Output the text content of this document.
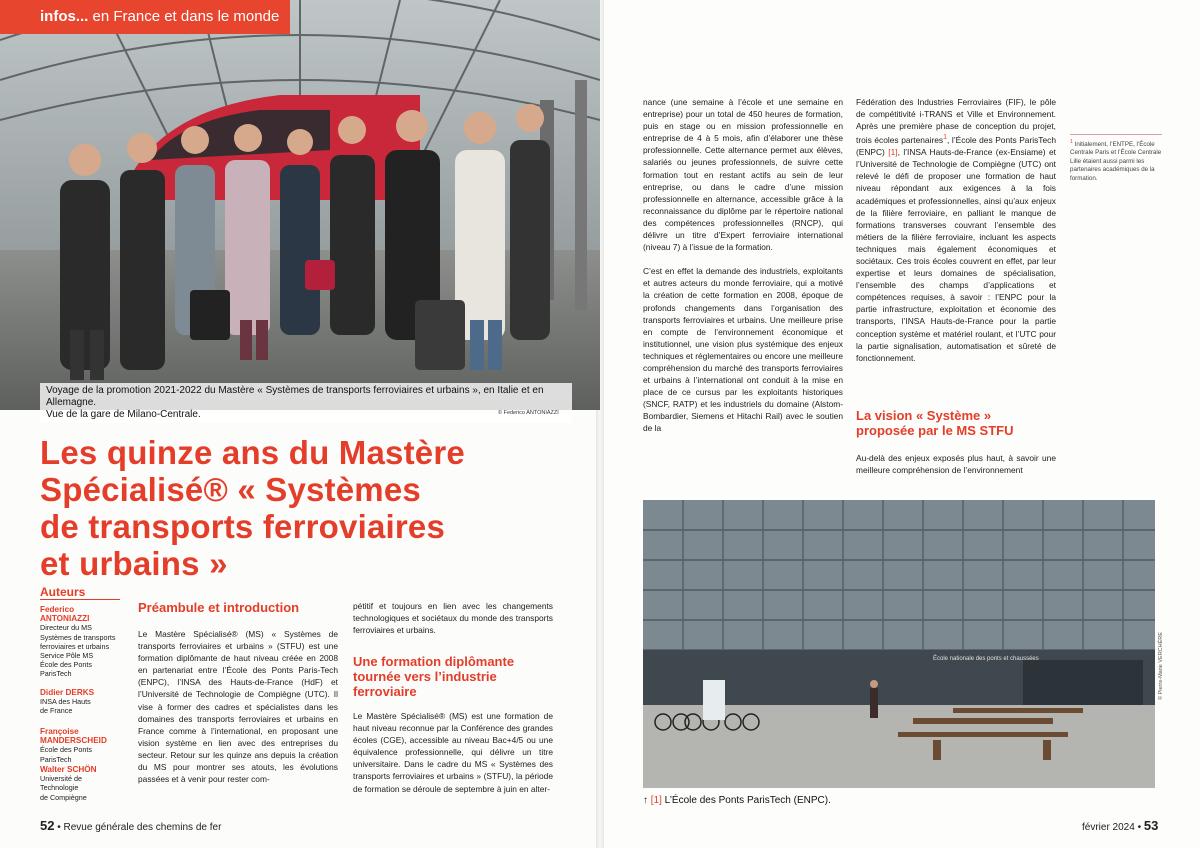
infos... en France et dans le monde
Voyage de la promotion 2021-2022 du Mastère « Systèmes de transports ferroviaires et urbains », en Italie et en Allemagne.
Vue de la gare de Milano-Centrale.	© Federico ANTONIAZZI
Les quinze ans du Mastère
Spécialisé® « Systèmes
de transports ferroviaires
et urbains »
Auteurs
Federico ANTONIAZZI
Directeur du MS
Systèmes de transports
ferroviaires et urbains
Service Pôle MS
École des Ponts
ParisTech
Didier DERKS
INSA des Hauts
de France
Françoise MANDERSCHEID
École des Ponts
ParisTech
Walter SCHÖN
Université de
Technologie
de Compiègne
Préambule et introduction

Le Mastère Spécialisé® (MS) « Systèmes de transports ferroviaires et urbains » (STFU) est une formation diplômante de haut niveau créée en 2008 en partenariat entre l’École des Ponts Paris-Tech (ENPC), l’INSA des Hauts-de-France (HdF) et l’Université de Technologie de Compiègne (UTC). Il vise à former des cadres et spécialistes dans les domaines des transports ferroviaires et urbains en France comme à l’international, en proposant une vision système en lien avec des entreprises du secteur. Retour sur les quinze ans depuis la création du MS pour montrer ses atouts, les évolutions passées et à venir pour rester com-

pétitif et toujours en lien avec les changements technologiques et sociétaux du monde des transports ferroviaires et urbains.

Une formation diplômante tournée vers l’industrie ferroviaire

Le Mastère Spécialisé® (MS) est une formation de haut niveau reconnue par la Conférence des grandes écoles (CGE), accessible au niveau Bac+4/5 ou une équivalence professionnelle, qui délivre un titre universitaire. Dans le cadre du MS « Systèmes des transports ferroviaires et urbains » (STFU), la période de formation se déroule de septembre à juin en alter-

52 • Revue générale des chemins de fer

nance (une semaine à l’école et une semaine en entreprise) pour un total de 450 heures de formation, puis en stage ou en mission professionnelle en entreprise de 4 à 5 mois, afin d’élaborer une thèse professionnelle. Cette alternance permet aux élèves, salariés ou jeunes professionnels, de suivre cette formation tout en restant actifs au sein de leur entreprise, ou dans le cadre d’une mission professionnelle en alternance, accessible grâce à la reconnaissance du diplôme par le répertoire national des compétences professionnelles (RNCP), qui délivre un titre d’Expert ferroviaire international (niveau 7) à l’issue de la formation.

C’est en effet la demande des industriels, exploitants et autres acteurs du monde ferroviaire, qui a motivé la création de cette formation en 2008, époque de profonds changements dans l’organisation des transports ferroviaires et urbains. Une meilleure prise en compte de l’environnement économique et institutionnel, une vision plus systémique des enjeux techniques et réglementaires ou encore une meilleure compréhension du marché des transports ferroviaires et urbains à l’international ont conduit à la mise en place de ce cursus par les exploitants historiques (SNCF, RATP) et les industriels du domaine (Alstom-Bombardier, Siemens et Hitachi Rail) avec le soutien de la

Fédération des Industries Ferroviaires (FIF), le pôle de compétitivité i-TRANS et Ville et Environnement. Après une première phase de conception du projet, trois écoles partenaires$^1$, l’École des Ponts ParisTech (ENPC) [1], l’INSA Hauts-de-France (ex-Ensiame) et l’Université de Technologie de Compiègne (UTC) ont relevé le défi de proposer une formation de haut niveau répondant aux exigences à la fois académiques et professionnelles, ainsi qu’aux enjeux de la filière ferroviaire, en palliant le manque de formations transverses couvrant l’ensemble des métiers de la filière ferroviaire, incluant les aspects techniques mais également économiques et sociétaux. Ces trois écoles couvrent en effet, par leur expertise et leurs domaines de spécialisation, l’ensemble des champs d’applications et compétences requises, à savoir : l’ENPC pour la partie infrastructure, exploitation et économie des transports, l’INSA Hauts-de-France pour la partie conception système et matériel roulant, et l’UTC pour la partie signalisation, automatisation et sûreté de fonctionnement.

La vision « Système »
proposée par le MS STFU

Au-delà des enjeux exposés plus haut, à savoir une meilleure compréhension de l’environnement

$^1$ Initialement, l’ENTPE, l’École Centrale Paris et l’École Centrale Lille étaient aussi parmi les partenaires académiques de la formation.
École nationale des ponts et chaussées	© Pierre-Marie VERCHÈRE
↑ [1] L’École des Ponts ParisTech (ENPC).
février 2024 • 53
